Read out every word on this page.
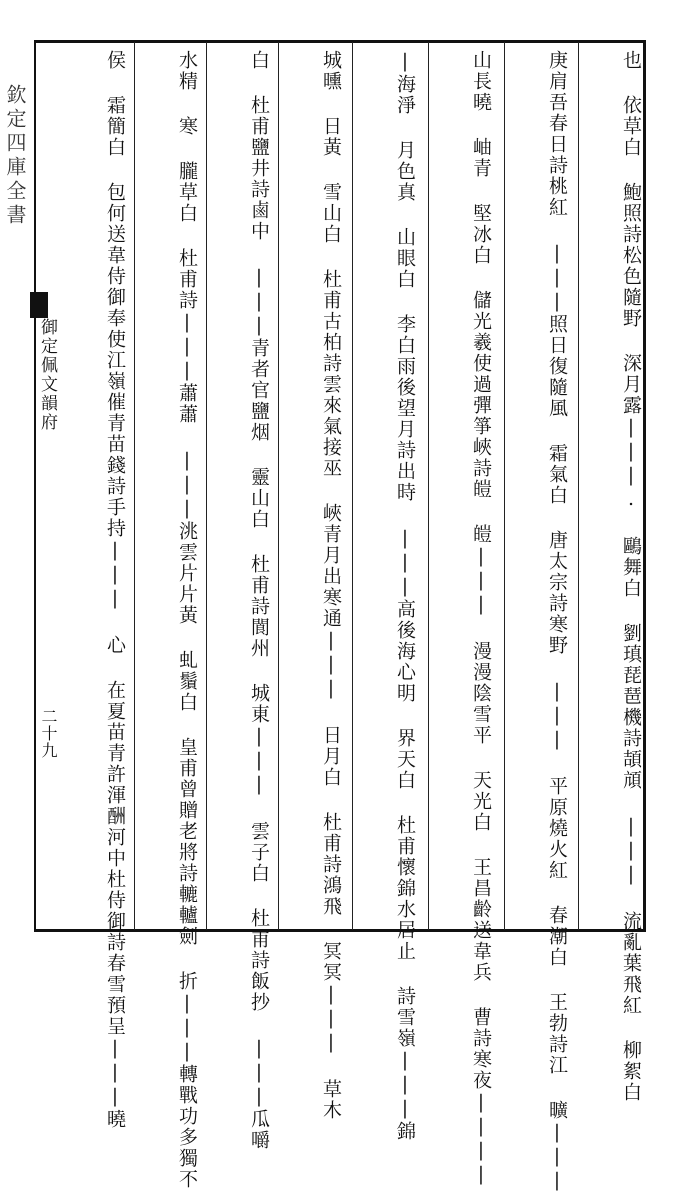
欽定四庫全書
御定佩文韻府
二十九	也 依草白 鮑照詩松色隨野 深月露|||. 鷗舞白 劉瑱琵琶機詩頡頏 ||| 流亂葉飛紅 柳絮白
庚肩吾春日詩桃紅 |||照日復隨風 霜氣白 唐太宗詩寒野 ||| 平原燒火紅 春潮白 王勃詩江 曠|||
山長曉 岫青 堅冰白 儲光羲使過彈箏峽詩皚 皚||| 漫漫陰雪平 天光白 王昌齡送韋兵 曹詩寒夜||||
|海淨 月色真 山眼白 李白雨後望月詩出時 |||高後海心明 界天白 杜甫懷錦水居止 詩雪嶺|||錦
城曛 日黃 雪山白 杜甫古柏詩雲來氣接巫 峽青月出寒通||| 日月白 杜甫詩鴻飛 冥冥||| 草木
白 杜甫鹽井詩鹵中 |||青者官鹽烟 靈山白 杜甫詩閬州 城東||| 雲子白 杜甫詩飯抄 |||瓜嚼
水精 寒 朧草白 杜甫詩|||蕭蕭 |||洮雲片片黃 虬鬚白 皇甫曾贈老將詩轆轤劍 折|||轉戰功多獨不
侯 霜簡白 包何送韋侍御奉使江嶺催青苗錢詩手持||| 心 在夏苗青許渾酬河中杜侍御詩春雪預呈|||曉
